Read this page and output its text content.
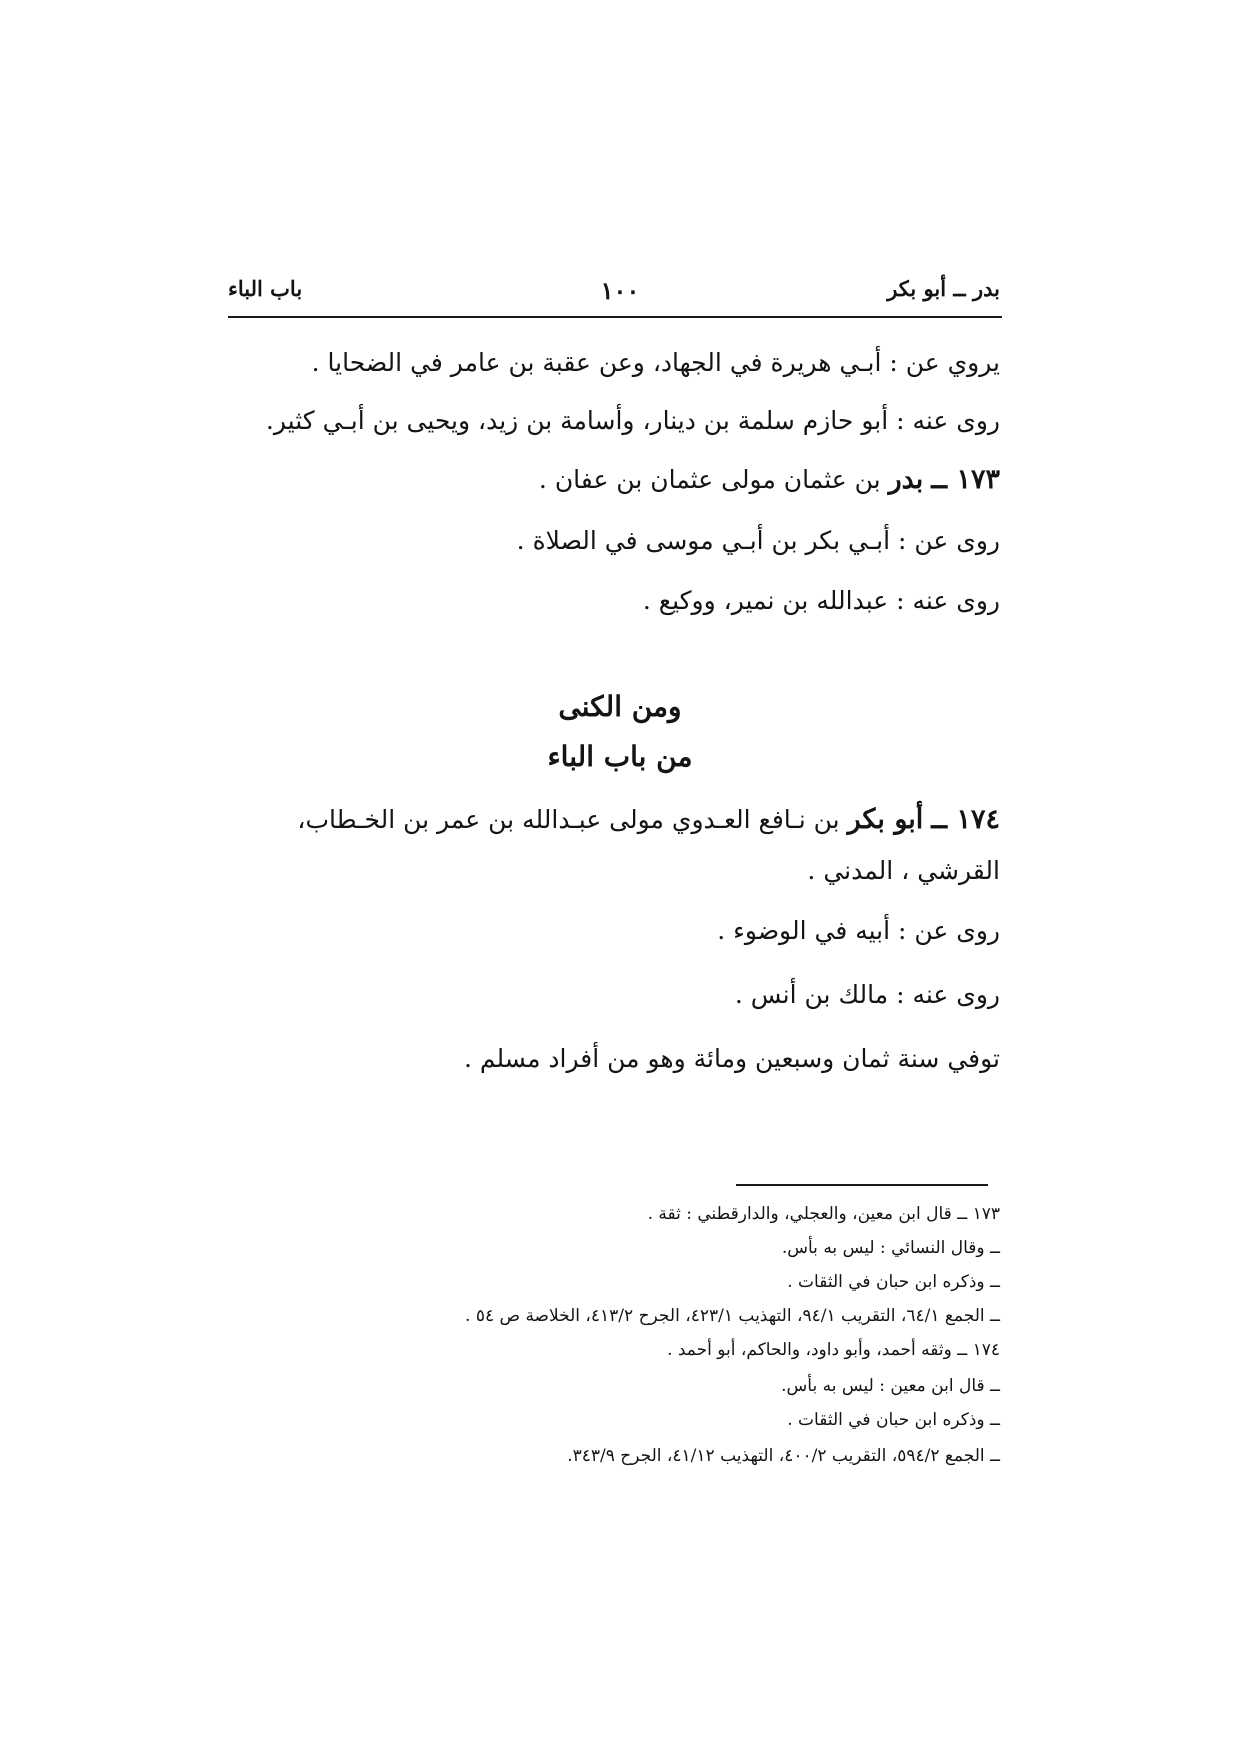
بدر ــ أبو بكر
١٠٠
باب الباء
يروي عن : أبـي هريرة في الجهاد، وعن عقبة بن عامر في الضحايا .
روى عنه : أبو حازم سلمة بن دينار، وأسامة بن زيد، ويحيى بن أبـي كثير.
١٧٣ ــ بدر بن عثمان مولى عثمان بن عفان .
روى عن : أبـي بكر بن أبـي موسى في الصلاة .
روى عنه : عبدالله بن نمير، ووكيع .
ومن الكنى
من باب الباء
١٧٤ ــ أبو بكر بن نـافع العـدوي مولى عبـدالله بن عمر بن الخـطاب،
القرشي ، المدني .
روى عن : أبيه في الوضوء .
روى عنه : مالك بن أنس .
توفي سنة ثمان وسبعين ومائة وهو من أفراد مسلم .
١٧٣ ــ قال ابن معين، والعجلي، والدارقطني : ثقة .
ــ وقال النسائي : ليس به بأس.
ــ وذكره ابن حبان في الثقات .
ــ الجمع ٦٤/١، التقريب ٩٤/١، التهذيب ٤٢٣/١، الجرح ٤١٣/٢، الخلاصة ص ٥٤ .
١٧٤ ــ وثقه أحمد، وأبو داود، والحاكم، أبو أحمد .
ــ قال ابن معين : ليس به بأس.
ــ وذكره ابن حبان في الثقات .
ــ الجمع ٥٩٤/٢، التقريب ٤٠٠/٢، التهذيب ٤١/١٢، الجرح ٣٤٣/٩.
